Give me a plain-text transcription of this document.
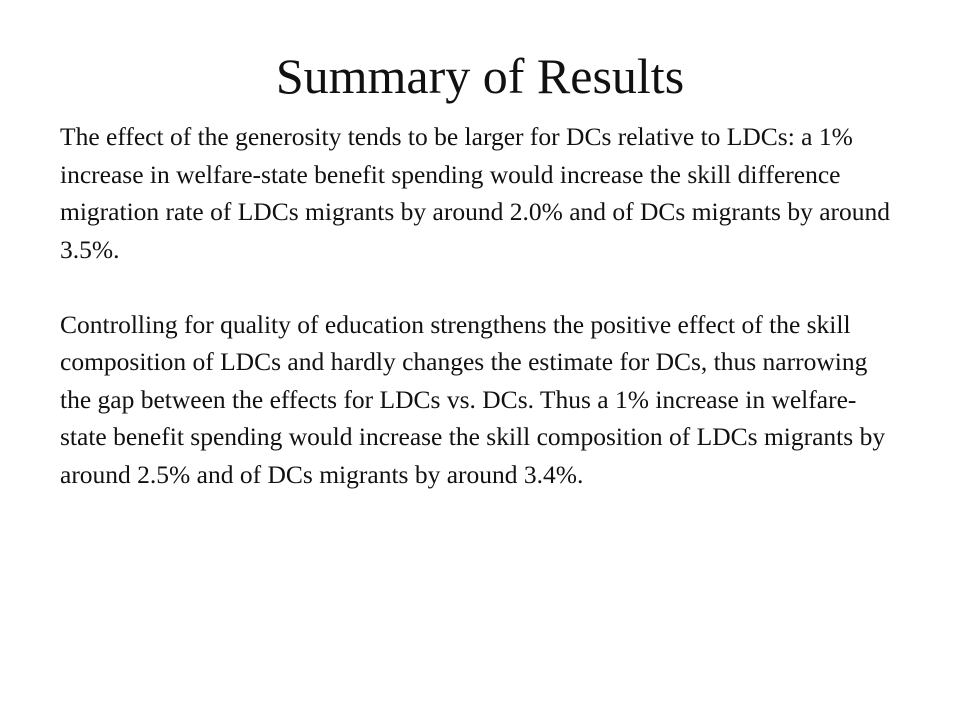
Summary of Results

The effect of the generosity tends to be larger for DCs relative to LDCs: a 1% increase in welfare-state benefit spending would increase the skill difference migration rate of LDCs migrants by around 2.0% and of DCs migrants by around 3.5%.

Controlling for quality of education strengthens the positive effect of the skill composition of LDCs and hardly changes the estimate for DCs, thus narrowing the gap between the effects for LDCs vs. DCs. Thus a 1% increase in welfare-state benefit spending would increase the skill composition of LDCs migrants by around 2.5% and of DCs migrants by around 3.4%.
